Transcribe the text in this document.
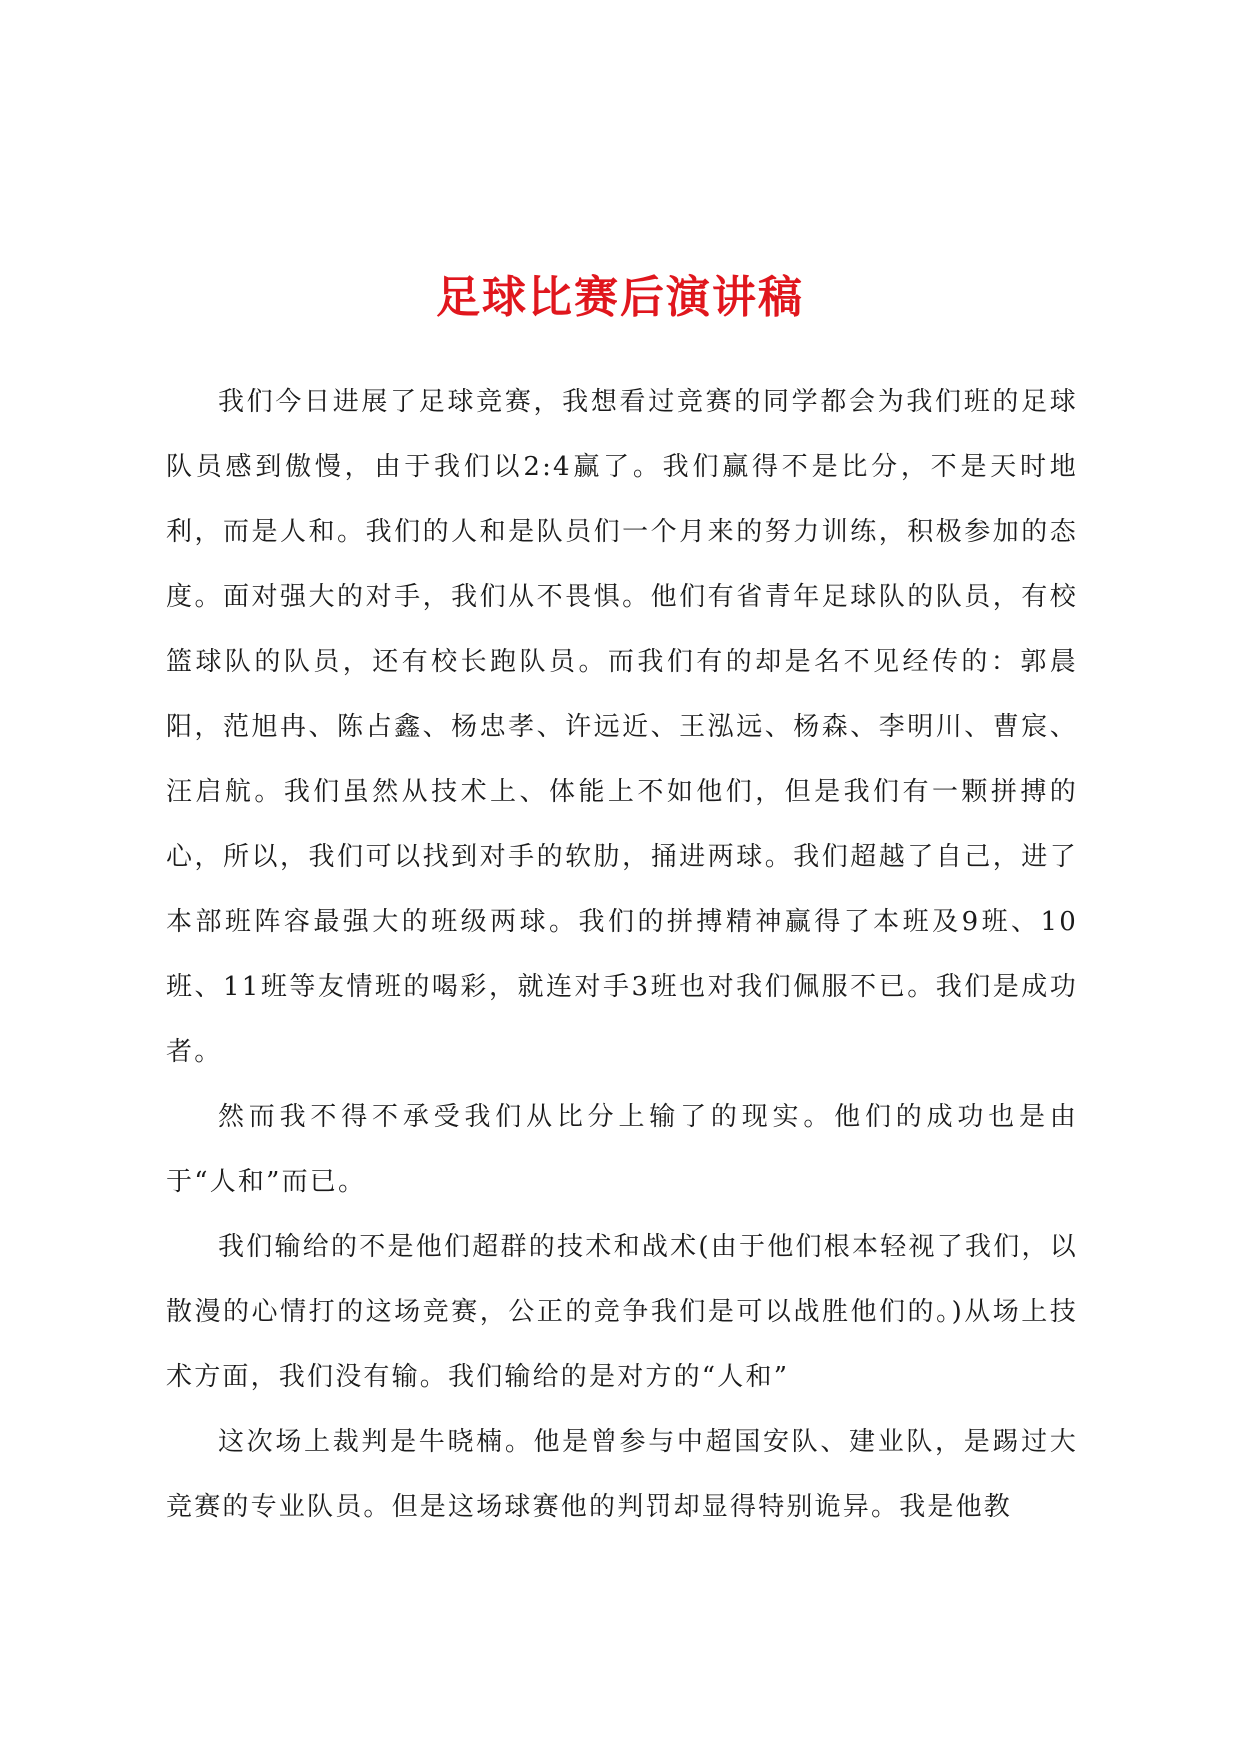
足球比赛后演讲稿

我们今日进展了足球竞赛，我想看过竞赛的同学都会为我们班的足球队员感到傲慢，由于我们以2:4赢了。我们赢得不是比分，不是天时地利，而是人和。我们的人和是队员们一个月来的努力训练，积极参加的态度。面对强大的对手，我们从不畏惧。他们有省青年足球队的队员，有校篮球队的队员，还有校长跑队员。而我们有的却是名不见经传的：郭晨阳，范旭冉、陈占鑫、杨忠孝、许远近、王泓远、杨森、李明川、曹宸、汪启航。我们虽然从技术上、体能上不如他们，但是我们有一颗拼搏的心，所以，我们可以找到对手的软肋，捅进两球。我们超越了自己，进了本部班阵容最强大的班级两球。我们的拼搏精神赢得了本班及9班、10班、11班等友情班的喝彩，就连对手3班也对我们佩服不已。我们是成功者。

然而我不得不承受我们从比分上输了的现实。他们的成功也是由于“人和”而已。

我们输给的不是他们超群的技术和战术(由于他们根本轻视了我们，以散漫的心情打的这场竞赛，公正的竞争我们是可以战胜他们的。)从场上技术方面，我们没有输。我们输给的是对方的“人和”

这次场上裁判是牛晓楠。他是曾参与中超国安队、建业队，是踢过大竞赛的专业队员。但是这场球赛他的判罚却显得特别诡异。我是他教
